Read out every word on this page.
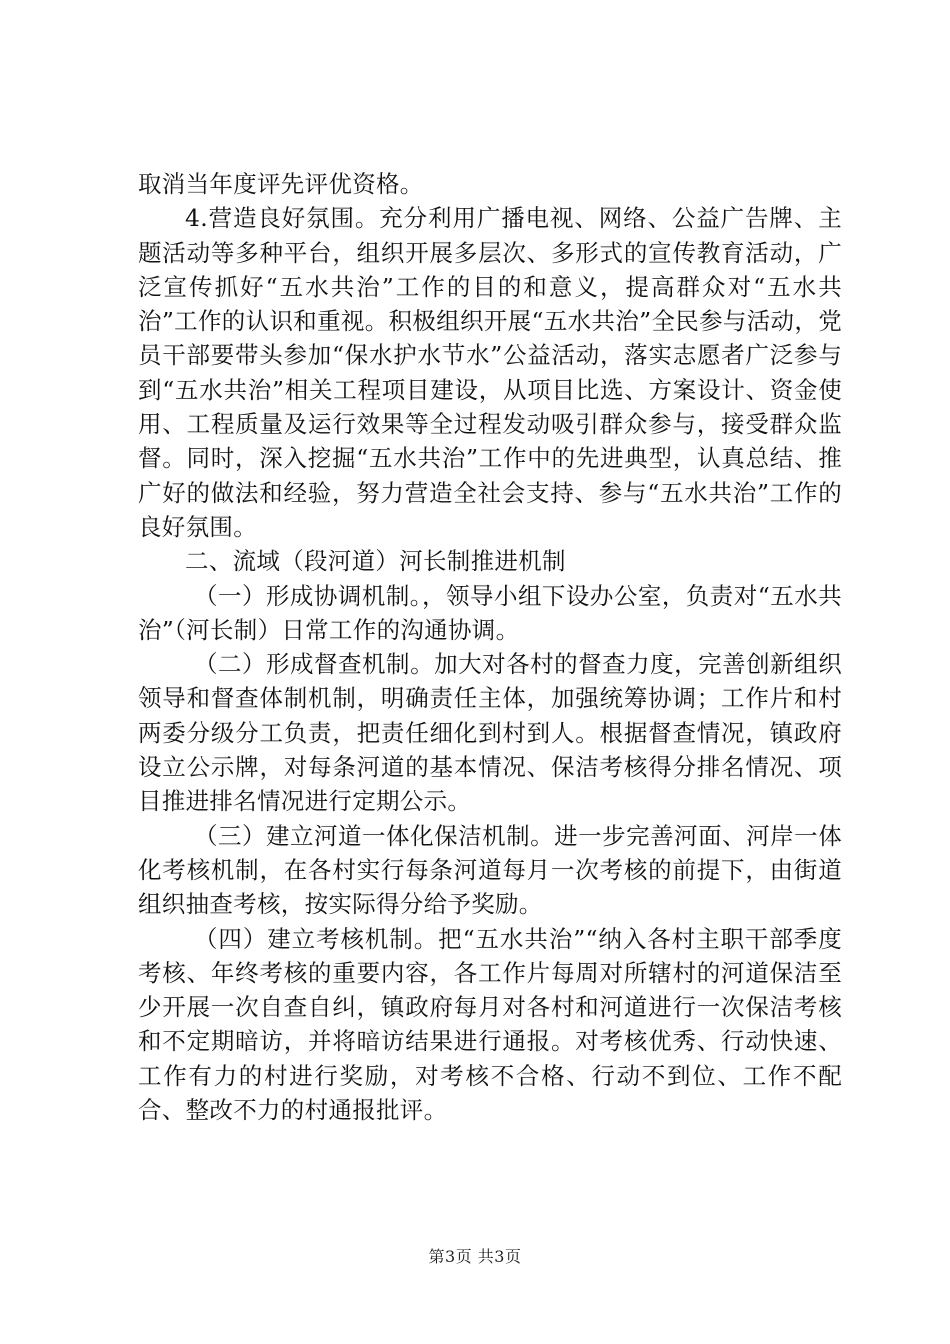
取消当年度评先评优资格。

4.营造良好氛围。充分利用广播电视、网络、公益广告牌、主题活动等多种平台，组织开展多层次、多形式的宣传教育活动，广泛宣传抓好“五水共治”工作的目的和意义，提高群众对“五水共治”工作的认识和重视。积极组织开展“五水共治”全民参与活动，党员干部要带头参加“保水护水节水”公益活动，落实志愿者广泛参与到“五水共治”相关工程项目建设，从项目比选、方案设计、资金使用、工程质量及运行效果等全过程发动吸引群众参与，接受群众监督。同时，深入挖掘“五水共治”工作中的先进典型，认真总结、推广好的做法和经验，努力营造全社会支持、参与“五水共治”工作的良好氛围。

二、流域（段河道）河长制推进机制

（一）形成协调机制。，领导小组下设办公室，负责对“五水共治”（河长制）日常工作的沟通协调。

（二）形成督查机制。加大对各村的督查力度，完善创新组织领导和督查体制机制，明确责任主体，加强统筹协调；工作片和村两委分级分工负责，把责任细化到村到人。根据督查情况，镇政府设立公示牌，对每条河道的基本情况、保洁考核得分排名情况、项目推进排名情况进行定期公示。

（三）建立河道一体化保洁机制。进一步完善河面、河岸一体化考核机制，在各村实行每条河道每月一次考核的前提下，由街道组织抽查考核，按实际得分给予奖励。

（四）建立考核机制。把“五水共治”“纳入各村主职干部季度考核、年终考核的重要内容，各工作片每周对所辖村的河道保洁至少开展一次自查自纠，镇政府每月对各村和河道进行一次保洁考核和不定期暗访，并将暗访结果进行通报。对考核优秀、行动快速、工作有力的村进行奖励，对考核不合格、行动不到位、工作不配合、整改不力的村通报批评。

第3页 共3页
